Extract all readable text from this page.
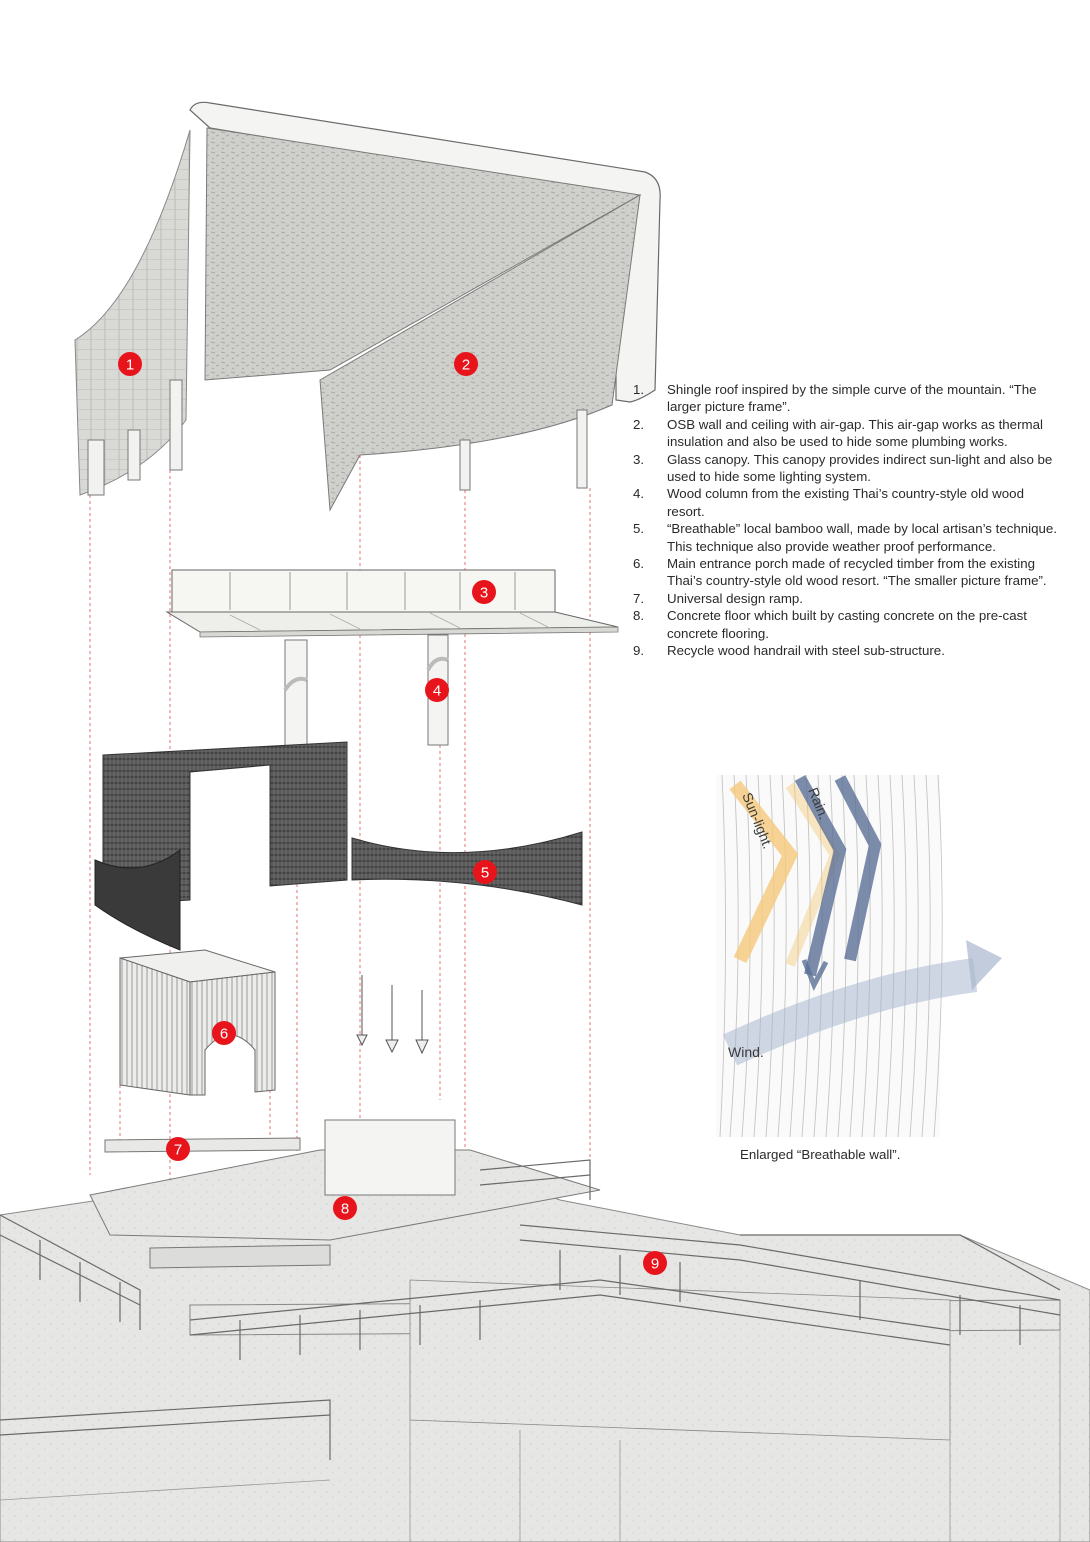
1	2
3
4
5
6
7
8
9
Sun-light. Rain.
Wind.
1.	Shingle roof inspired by the simple curve of the mountain. “The larger picture frame”.
2.	OSB wall and ceiling with air-gap. This air-gap works as thermal insulation and also be used to hide some plumbing works.
3.	Glass canopy. This canopy provides indirect sun-light and also be used to hide some lighting system.
4.	Wood column from the existing Thai’s country-style old wood resort.
5.	“Breathable” local bamboo wall, made by local artisan’s technique. This technique also provide weather proof performance.
6.	Main entrance porch made of recycled timber from the existing Thai’s country-style old wood resort. “The smaller picture frame”.
7.	Universal design ramp.
8.	Concrete floor which built by casting concrete on the pre-cast concrete flooring.
9.	Recycle wood handrail with steel sub-structure.
Enlarged “Breathable wall”.
